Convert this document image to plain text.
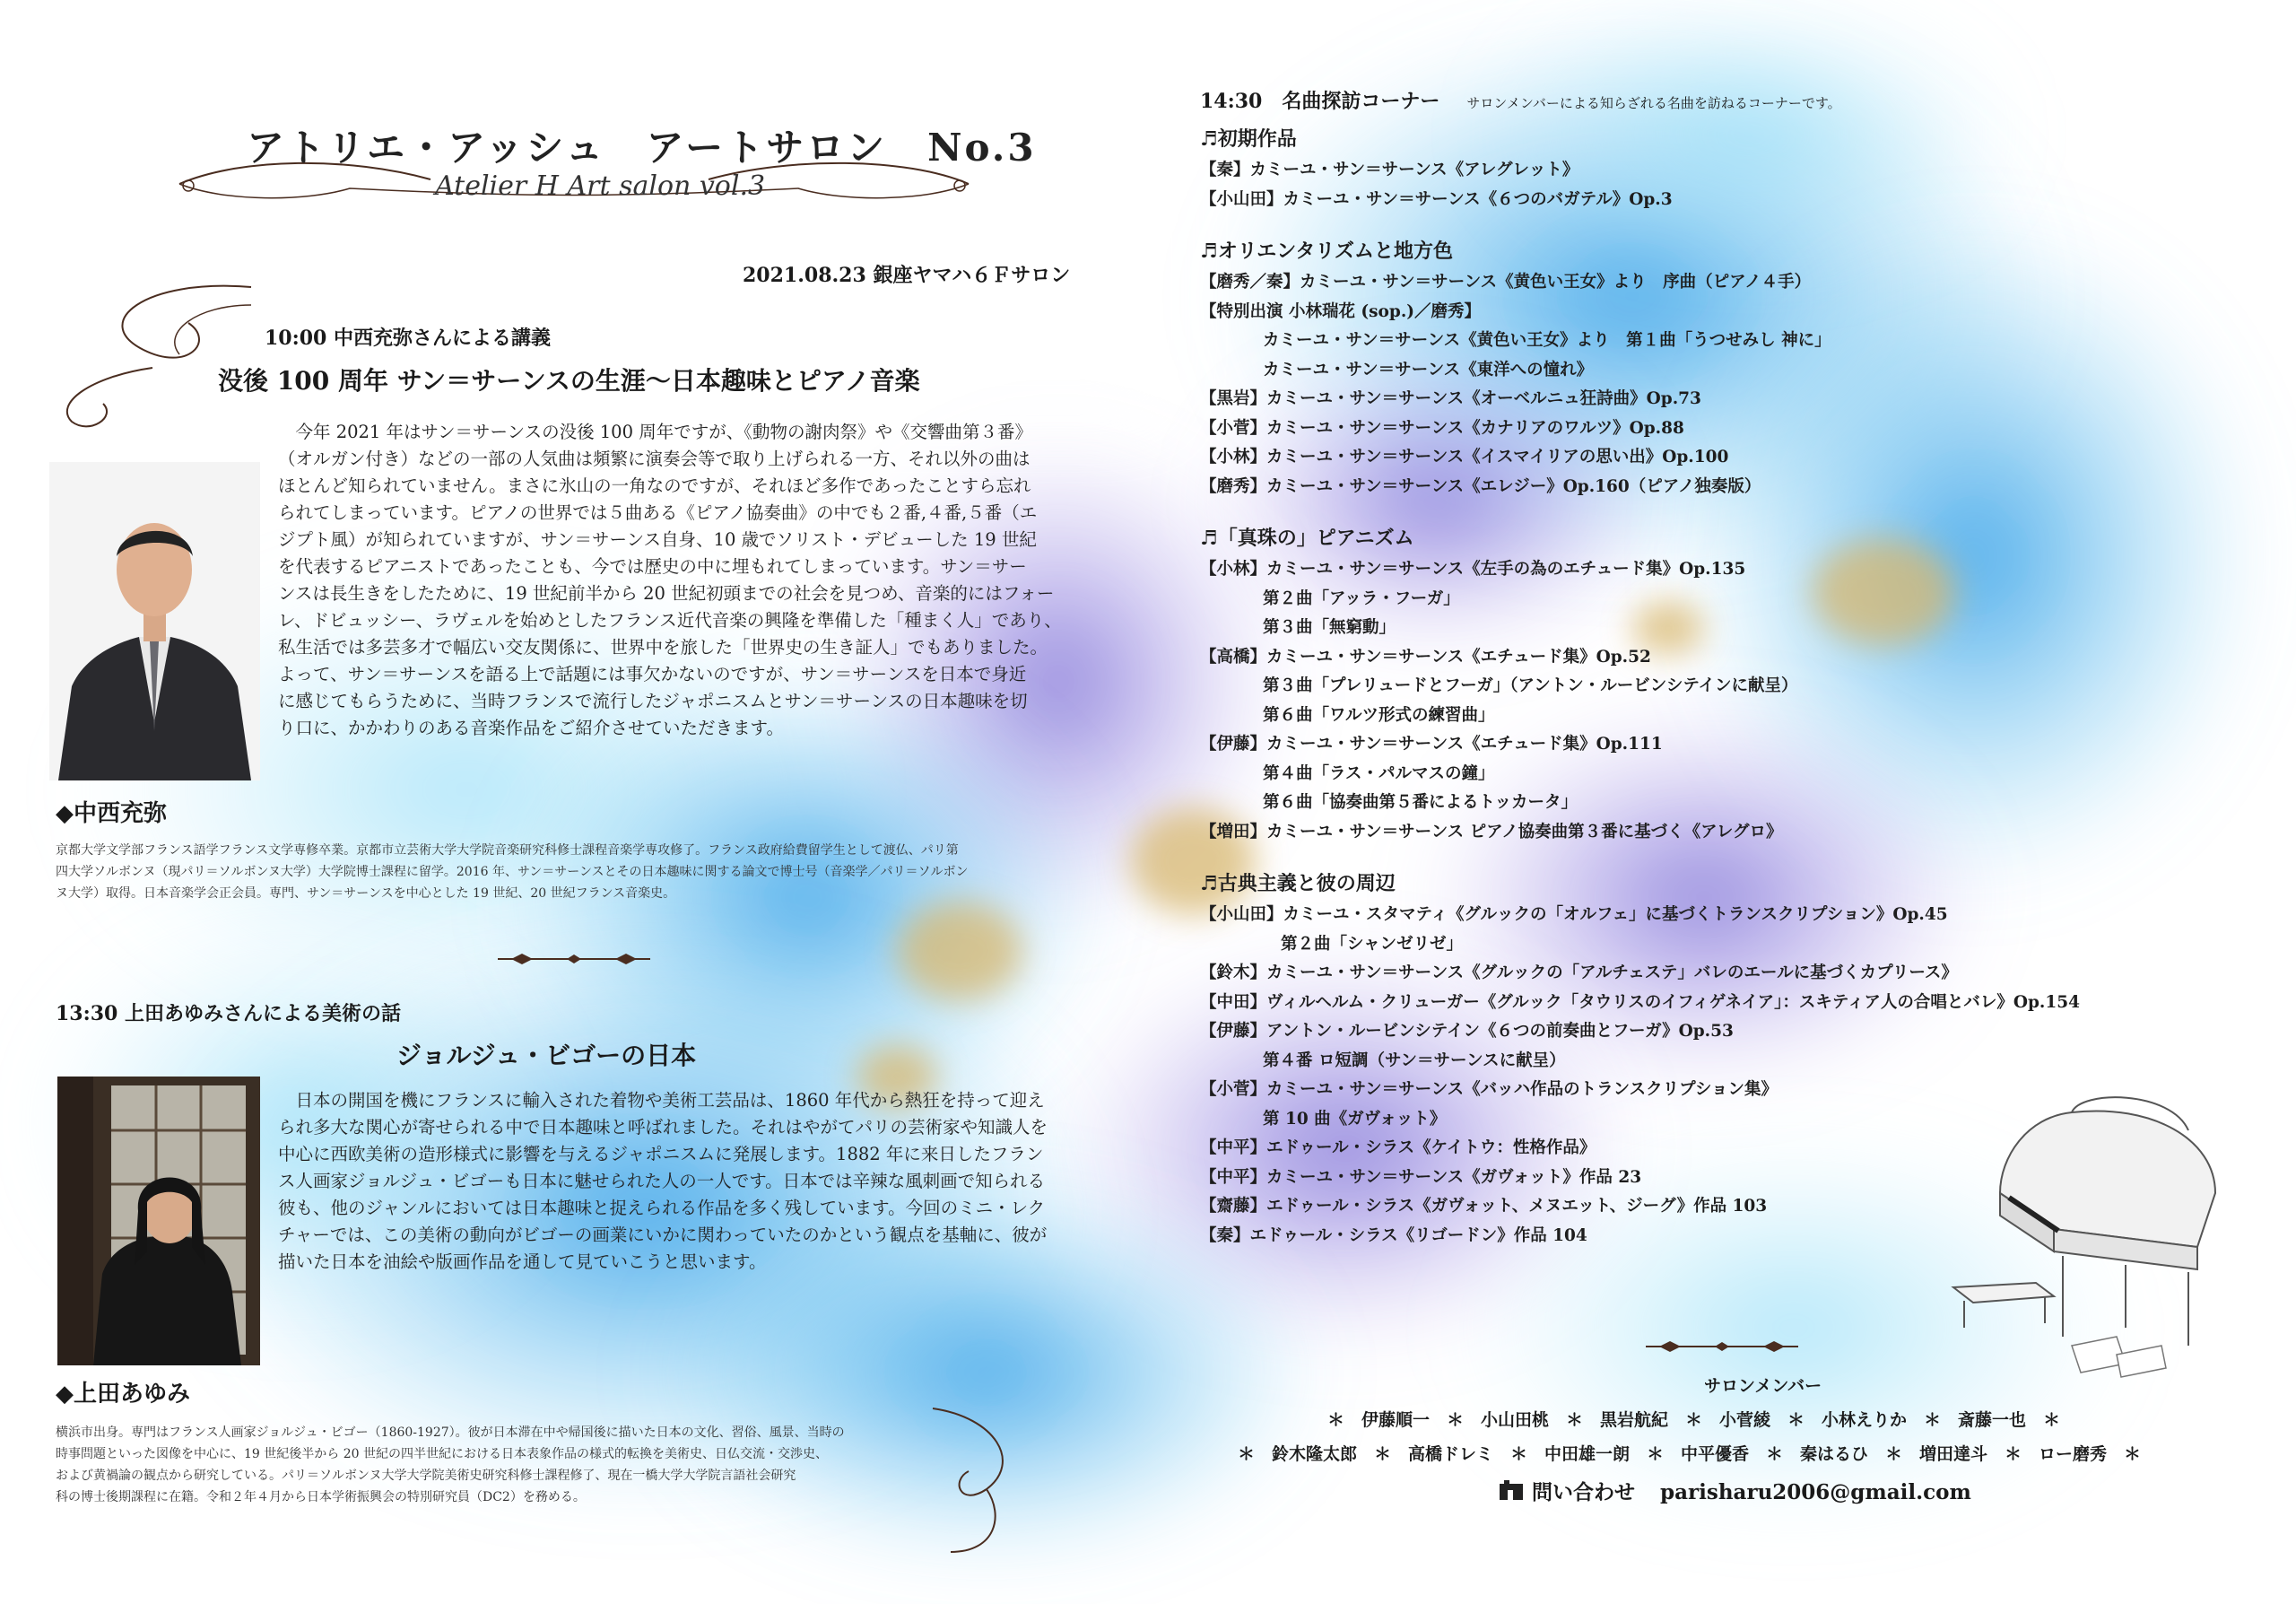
アトリエ・アッシュ　アートサロン　No.3
Atelier H Art salon vol.3
2021.08.23 銀座ヤマハ６Ｆサロン
10:00 中西充弥さんによる講義
没後 100 周年 サン＝サーンスの生涯～日本趣味とピアノ音楽
　今年 2021 年はサン＝サーンスの没後 100 周年ですが、《動物の謝肉祭》や《交響曲第３番》
（オルガン付き）などの一部の人気曲は頻繁に演奏会等で取り上げられる一方、それ以外の曲は
ほとんど知られていません。まさに氷山の一角なのですが、それほど多作であったことすら忘れ
られてしまっています。ピアノの世界では５曲ある《ピアノ協奏曲》の中でも２番,４番,５番（エ
ジプト風）が知られていますが、サン＝サーンス自身、10 歳でソリスト・デビューした 19 世紀
を代表するピアニストであったことも、今では歴史の中に埋もれてしまっています。サン＝サー
ンスは長生きをしたために、19 世紀前半から 20 世紀初頭までの社会を見つめ、音楽的にはフォー
レ、ドビュッシー、ラヴェルを始めとしたフランス近代音楽の興隆を準備した「種まく人」であり、
私生活では多芸多才で幅広い交友関係に、世界中を旅した「世界史の生き証人」でもありました。
よって、サン＝サーンスを語る上で話題には事欠かないのですが、サン＝サーンスを日本で身近
に感じてもらうために、当時フランスで流行したジャポニスムとサン＝サーンスの日本趣味を切
り口に、かかわりのある音楽作品をご紹介させていただきます。
◆中西充弥
京都大学文学部フランス語学フランス文学専修卒業。京都市立芸術大学大学院音楽研究科修士課程音楽学専攻修了。フランス政府給費留学生として渡仏、パリ第
四大学ソルボンヌ（現パリ＝ソルボンヌ大学）大学院博士課程に留学。2016 年、サン＝サーンスとその日本趣味に関する論文で博士号（音楽学／パリ＝ソルボン
ヌ大学）取得。日本音楽学会正会員。専門、サン＝サーンスを中心とした 19 世紀、20 世紀フランス音楽史。
13:30 上田あゆみさんによる美術の話
ジョルジュ・ビゴーの日本
　日本の開国を機にフランスに輸入された着物や美術工芸品は、1860 年代から熱狂を持って迎え
られ多大な関心が寄せられる中で日本趣味と呼ばれました。それはやがてパリの芸術家や知識人を
中心に西欧美術の造形様式に影響を与えるジャポニスムに発展します。1882 年に来日したフラン
ス人画家ジョルジュ・ビゴーも日本に魅せられた人の一人です。日本では辛辣な風刺画で知られる
彼も、他のジャンルにおいては日本趣味と捉えられる作品を多く残しています。今回のミニ・レク
チャーでは、この美術の動向がビゴーの画業にいかに関わっていたのかという観点を基軸に、彼が
描いた日本を油絵や版画作品を通して見ていこうと思います。
◆上田あゆみ
横浜市出身。専門はフランス人画家ジョルジュ・ビゴー（1860-1927）。彼が日本滞在中や帰国後に描いた日本の文化、習俗、風景、当時の
時事問題といった図像を中心に、19 世紀後半から 20 世紀の四半世紀における日本表象作品の様式的転換を美術史、日仏交流・交渉史、
および黄禍論の観点から研究している。パリ＝ソルボンヌ大学大学院美術史研究科修士課程修了、現在一橋大学大学院言語社会研究
科の博士後期課程に在籍。令和２年４月から日本学術振興会の特別研究員（DC2）を務める。
14:30　名曲探訪コーナー サロンメンバーによる知らざれる名曲を訪ねるコーナーです。
♬初期作品
【秦】カミーユ・サン＝サーンス《アレグレット》
【小山田】カミーユ・サン＝サーンス《６つのバガテル》Op.3
♬オリエンタリズムと地方色
【磨秀／秦】カミーユ・サン＝サーンス《黄色い王女》より　序曲（ピアノ４手）
【特別出演 小林瑞花 (sop.)／磨秀】
カミーユ・サン＝サーンス《黄色い王女》より　第１曲「うつせみし 神に」
カミーユ・サン＝サーンス《東洋への憧れ》
【黒岩】カミーユ・サン＝サーンス《オーベルニュ狂詩曲》Op.73
【小菅】カミーユ・サン＝サーンス《カナリアのワルツ》Op.88
【小林】カミーユ・サン＝サーンス《イスマイリアの思い出》Op.100
【磨秀】カミーユ・サン＝サーンス《エレジー》Op.160（ピアノ独奏版）
♬「真珠の」ピアニズム
【小林】カミーユ・サン＝サーンス《左手の為のエチュード集》Op.135
第２曲「アッラ・フーガ」
第３曲「無窮動」
【高橋】カミーユ・サン＝サーンス《エチュード集》Op.52
第３曲「プレリュードとフーガ」（アントン・ルービンシテインに献呈）
第６曲「ワルツ形式の練習曲」
【伊藤】カミーユ・サン＝サーンス《エチュード集》Op.111
第４曲「ラス・パルマスの鐘」
第６曲「協奏曲第５番によるトッカータ」
【増田】カミーユ・サン＝サーンス ピアノ協奏曲第３番に基づく《アレグロ》
♬古典主義と彼の周辺
【小山田】カミーユ・スタマティ《グルックの「オルフェ」に基づくトランスクリプション》Op.45
第２曲「シャンゼリゼ」
【鈴木】カミーユ・サン＝サーンス《グルックの「アルチェステ」バレのエールに基づくカプリース》
【中田】ヴィルヘルム・クリューガー《グルック「タウリスのイフィゲネイア」：スキティア人の合唱とバレ》Op.154
【伊藤】アントン・ルービンシテイン《６つの前奏曲とフーガ》Op.53
第４番 ロ短調（サン＝サーンスに献呈）
【小菅】カミーユ・サン＝サーンス《バッハ作品のトランスクリプション集》
第 10 曲《ガヴォット》
【中平】エドゥール・シラス《ケイトウ：性格作品》
【中平】カミーユ・サン＝サーンス《ガヴォット》作品 23
【齋藤】エドゥール・シラス《ガヴォット、メヌエット、ジーグ》作品 103
【秦】エドゥール・シラス《リゴードン》作品 104
サロンメンバー
＊　伊藤順一　＊　小山田桃　＊　黒岩航紀　＊　小菅綾　＊　小林えりか　＊　斎藤一也　＊
＊　鈴木隆太郎　＊　高橋ドレミ　＊　中田雄一朗　＊　中平優香　＊　秦はるひ　＊　増田達斗　＊　ロー磨秀　＊
問い合わせ parisharu2006@gmail.com
